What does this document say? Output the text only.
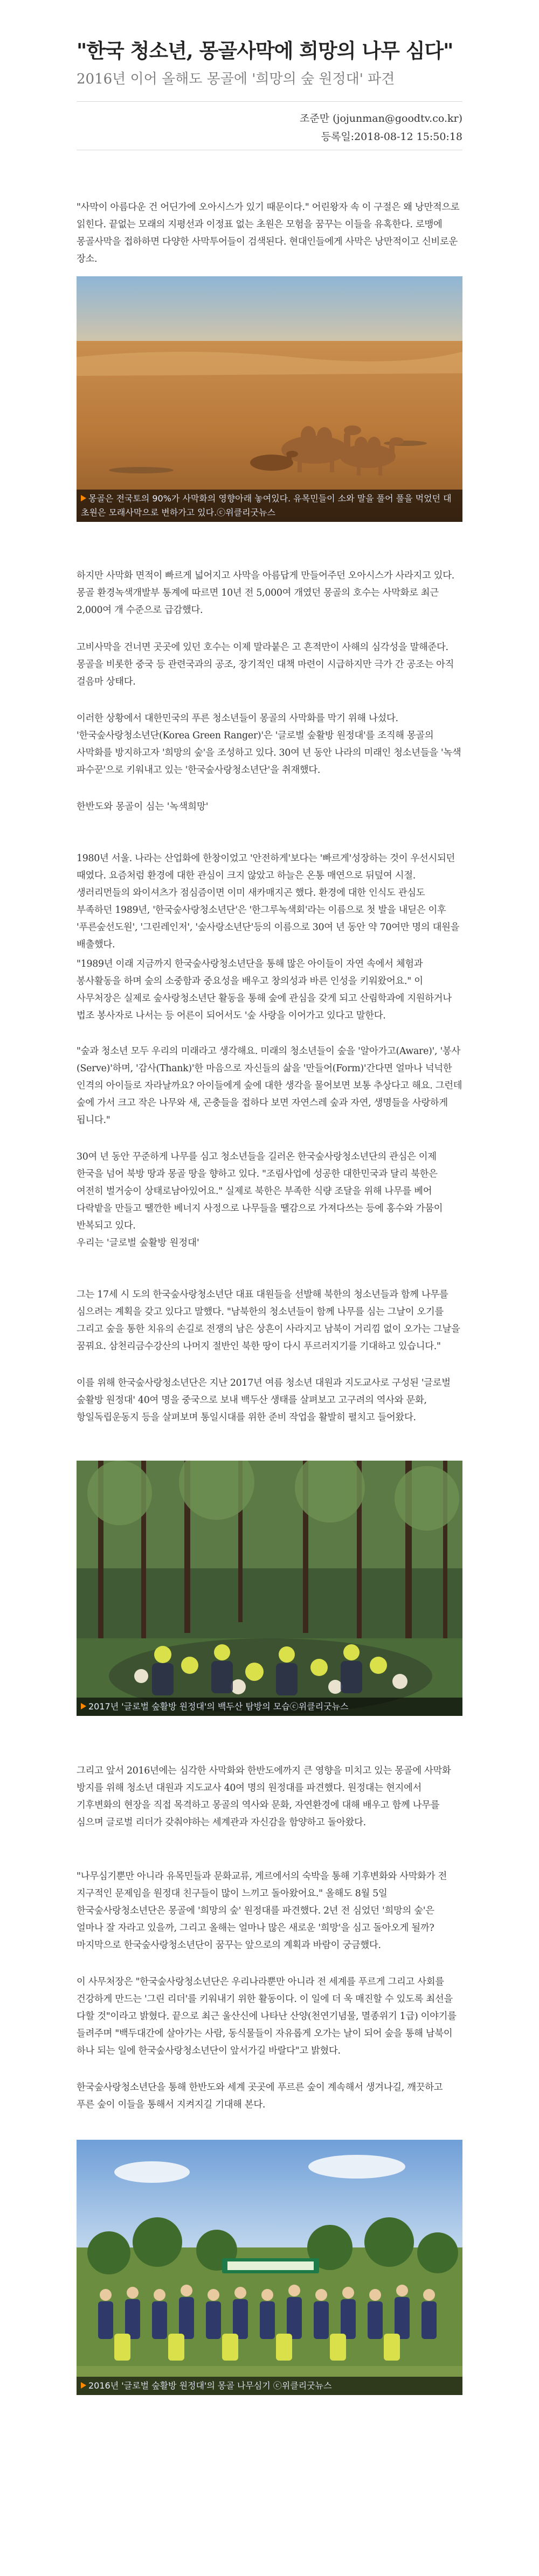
"한국 청소년, 몽골사막에 희망의 나무 심다"
2016년 이어 올해도 몽골에 '희망의 숲 원정대' 파견
조준만 (jojunman@goodtv.co.kr)
등록일:2018-08-12 15:50:18
"사막이 아름다운 건 어딘가에 오아시스가 있기 때문이다." 어린왕자 속 이 구절은 왜 낭만적으로 읽힌다. 끝없는 모래의 지평선과 이정표 없는 초원은 모험을 꿈꾸는 이들을 유혹한다. 로맹에 몽골사막을 접하하면 다양한 사막투어들이 검색된다. 현대인들에게 사막은 낭만적이고 신비로운 장소.
몽골은 전국토의 90%가 사막화의 영향아래 놓여있다. 유목민들이 소와 말을 풀어 풀을 먹었던 대초원은 모래사막으로 변하가고 있다.ⓒ위클리굿뉴스
하지만 사막화 면적이 빠르게 넓어지고 사막을 아름답게 만들어주던 오아시스가 사라지고 있다. 몽골 환경녹색개발부 통계에 따르면 10년 전 5,000여 개였던 몽골의 호수는 사막화로 최근 2,000여 개 수준으로 급감했다.
고비사막을 건너면 곳곳에 있던 호수는 이제 말라붙은 고 흔적만이 사해의 심각성을 말해준다. 몽골을 비롯한 중국 등 관련국과의 공조, 장기적인 대책 마련이 시급하지만 극가 간 공조는 아직 걸음마 상태다.
이러한 상황에서 대한민국의 푸른 청소년들이 몽골의 사막화를 막기 위해 나섰다. '한국숲사랑청소년단(Korea Green Ranger)'은 '글로벌 숲활방 원정대'를 조직해 몽골의 사막화를 방지하고자 '희망의 숲'을 조성하고 있다. 30여 년 동안 나라의 미래인 청소년들을 '녹색 파수꾼'으로 키워내고 있는 '한국숲사랑청소년단'을 취재했다.
한반도와 몽골이 심는 '녹색희망'
1980년 서울. 나라는 산업화에 한창이었고 '안전하게'보다는 '빠르게'성장하는 것이 우선시되던 때였다. 요즘처럼 환경에 대한 관심이 크지 않았고 하늘은 온통 매연으로 뒤덮여 시절. 생러리먼들의 와이셔츠가 점심즘이면 이미 새카매지곤 했다. 환경에 대한 인식도 관심도 부족하던 1989년, '한국숲사랑청소년단'은 '한그루녹색회'라는 이름으로 첫 발을 내딛은 이후 '푸른숲선도원', '그린레인저', '숲사랑소년단'등의 이름으로 30여 년 동안 약 70여만 명의 대원을 배출했다.
"1989년 이래 지금까지 한국숲사랑청소년단을 통해 많은 아이들이 자연 속에서 체험과 봉사활동을 하며 숲의 소중함과 중요성을 배우고 창의성과 바른 인성을 키워왔어요." 이 사무처장은 실제로 숲사랑청소년단 활동을 통해 숲에 관심을 갖게 되고 산림학과에 지원하거나 법조 봉사자로 나서는 등 어른이 되어서도 '숲 사랑을 이어가고 있다고 말한다.
"숲과 청소년 모두 우리의 미래라고 생각해요. 미래의 청소년들이 숲을 '알아가고(Aware)', '봉사(Serve)'하며, '감사(Thank)'한 마음으로 자신들의 삶을 '만들어(Form)'간다면 얼마나 넉넉한 인격의 아이들로 자라날까요? 아이들에게 숲에 대한 생각을 물어보면 보통 추상다고 해요. 그런데 숲에 가서 크고 작은 나무와 새, 곤충들을 접하다 보면 자연스레 숲과 자연, 생명들을 사랑하게 됩니다."
30여 년 동안 꾸준하게 나무를 심고 청소년들을 길러온 한국숲사랑청소년단의 관심은 이제 한국을 넘어 북방 땅과 몽골 땅을 향하고 있다. "조림사업에 성공한 대한민국과 달리 북한은 여전히 벌거숭이 상태로남아있어요." 실제로 북한은 부족한 식량 조달을 위해 나무를 베어 다락밭을 만들고 땔깐한 베너지 사정으로 나무들을 땔감으로 가져다쓰는 등에 홍수와 가뭄이 반복되고 있다.
우리는 '글로벌 숲활방 원정대'
그는 17세 시 도의 한국숲사랑청소년단 대표 대원들을 선발해 북한의 청소년들과 함께 나무를 심으려는 계획을 갖고 있다고 말했다. "남북한의 청소년들이 함께 나무를 심는 그날이 오기를 그리고 숲을 통한 치유의 손길로 전쟁의 남은 상흔이 사라지고 남북이 거리낌 없이 오가는 그날을 꿈꿔요. 삼천리금수강산의 나머지 절반인 북한 땅이 다시 푸르러지기를 기대하고 있습니다."
이를 위해 한국숲사랑청소년단은 지난 2017년 여름 청소년 대원과 지도교사로 구성된 '글로벌 숲활방 원정대' 40여 명을 중국으로 보내 백두산 생태를 살펴보고 고구려의 역사와 문화, 항일독립운동지 등을 살펴보며 통일시대를 위한 준비 작업을 활발히 펼치고 들어왔다.
2017년 '글로벌 숲활방 원정대'의 백두산 탐방의 모습ⓒ위클리굿뉴스
그리고 앞서 2016년에는 심각한 사막화와 한반도에까지 큰 영향을 미치고 있는 몽골에 사막화 방지를 위해 청소년 대원과 지도교사 40여 명의 원정대를 파견했다. 원정대는 현지에서 기후변화의 현장을 직접 목격하고 몽골의 역사와 문화, 자연환경에 대해 배우고 함께 나무를 심으며 글로벌 리더가 갖춰야하는 세계관과 자신감을 함양하고 돌아왔다.
"나무심기뿐만 아니라 유목민들과 문화교류, 게르에서의 숙박을 통해 기후변화와 사막화가 전 지구적인 문제임을 원정대 친구들이 많이 느끼고 돌아왔어요." 올해도 8월 5일 한국숲사랑청소년단은 몽골에 '희망의 숲' 원정대를 파견했다. 2년 전 심었던 '희망의 숲'은 얼마나 잘 자라고 있을까, 그리고 올해는 얼마나 많은 새로운 '희망'을 심고 돌아오게 될까? 마지막으로 한국숲사랑청소년단이 꿈꾸는 앞으로의 계획과 바람이 궁금했다.
이 사무처장은 "한국숲사랑청소년단은 우리나라뿐만 아니라 전 세계를 푸르게 그리고 사회를 건강하게 만드는 '그린 리더'를 키워내기 위한 활동이다. 이 일에 더 욱 매진할 수 있도록 최선을 다할 것"이라고 밝혔다. 끝으로 최근 울산신에 나타난 산양(천연기념물, 멸종위기 1급) 이야기를 들려주며 "백두대간에 살아가는 사람, 동식물들이 자유롭게 오가는 날이 되어 숲을 통해 남북이 하나 되는 일에 한국숲사랑청소년단이 앞서가길 바랄다"고 밝혔다.
한국숲사랑청소년단을 통해 한반도와 세계 곳곳에 푸르른 숲이 계속해서 생겨나길, 깨끗하고 푸른 숲이 이들을 통해서 지켜지길 기대해 본다.
2016년 '글로벌 숲활방 원정대'의 몽골 나무심기 ⓒ위클리굿뉴스
